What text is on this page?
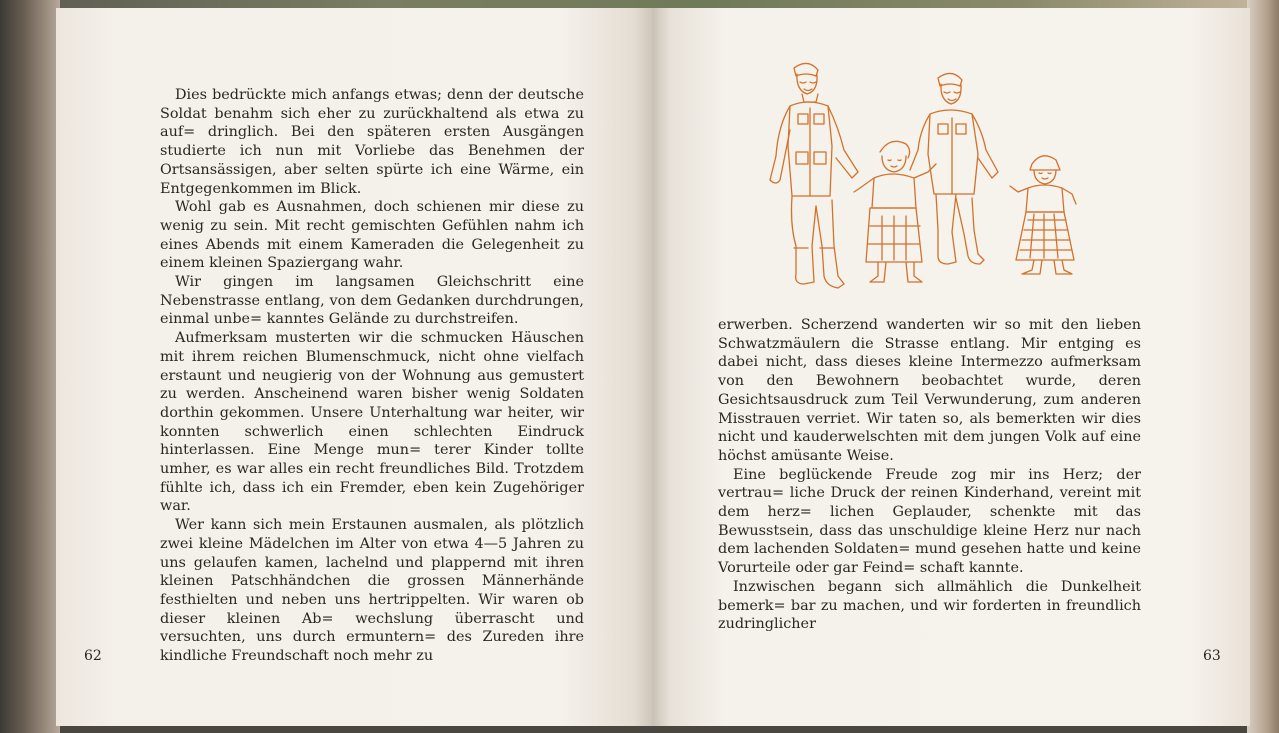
Dies bedrückte mich anfangs etwas; denn der deutsche Soldat benahm sich eher zu zurückhaltend als etwa zu auf= dringlich. Bei den späteren ersten Ausgängen studierte ich nun mit Vorliebe das Benehmen der Ortsansässigen, aber selten spürte ich eine Wärme, ein Entgegenkommen im Blick.

Wohl gab es Ausnahmen, doch schienen mir diese zu wenig zu sein. Mit recht gemischten Gefühlen nahm ich eines Abends mit einem Kameraden die Gelegenheit zu einem kleinen Spaziergang wahr.

Wir gingen im langsamen Gleichschritt eine Nebenstrasse entlang, von dem Gedanken durchdrungen, einmal unbe= kanntes Gelände zu durchstreifen.

Aufmerksam musterten wir die schmucken Häuschen mit ihrem reichen Blumenschmuck, nicht ohne vielfach erstaunt und neugierig von der Wohnung aus gemustert zu werden. Anscheinend waren bisher wenig Soldaten dorthin gekommen. Unsere Unterhaltung war heiter, wir konnten schwerlich einen schlechten Eindruck hinterlassen. Eine Menge mun= terer Kinder tollte umher, es war alles ein recht freundliches Bild. Trotzdem fühlte ich, dass ich ein Fremder, eben kein Zugehöriger war.

Wer kann sich mein Erstaunen ausmalen, als plötzlich zwei kleine Mädelchen im Alter von etwa 4—5 Jahren zu uns gelaufen kamen, lachelnd und plappernd mit ihren kleinen Patschhändchen die grossen Männerhände festhielten und neben uns hertrippelten. Wir waren ob dieser kleinen Ab= wechslung überrascht und versuchten, uns durch ermuntern= des Zureden ihre kindliche Freundschaft noch mehr zu

62

erwerben. Scherzend wanderten wir so mit den lieben Schwatzmäulern die Strasse entlang. Mir entging es dabei nicht, dass dieses kleine Intermezzo aufmerksam von den Bewohnern beobachtet wurde, deren Gesichtsausdruck zum Teil Verwunderung, zum anderen Misstrauen verriet. Wir taten so, als bemerkten wir dies nicht und kauderwelschten mit dem jungen Volk auf eine höchst amüsante Weise.

Eine beglückende Freude zog mir ins Herz; der vertrau= liche Druck der reinen Kinderhand, vereint mit dem herz= lichen Geplauder, schenkte mit das Bewusstsein, dass das unschuldige kleine Herz nur nach dem lachenden Soldaten= mund gesehen hatte und keine Vorurteile oder gar Feind= schaft kannte.

Inzwischen begann sich allmählich die Dunkelheit bemerk= bar zu machen, und wir forderten in freundlich zudringlicher

63
